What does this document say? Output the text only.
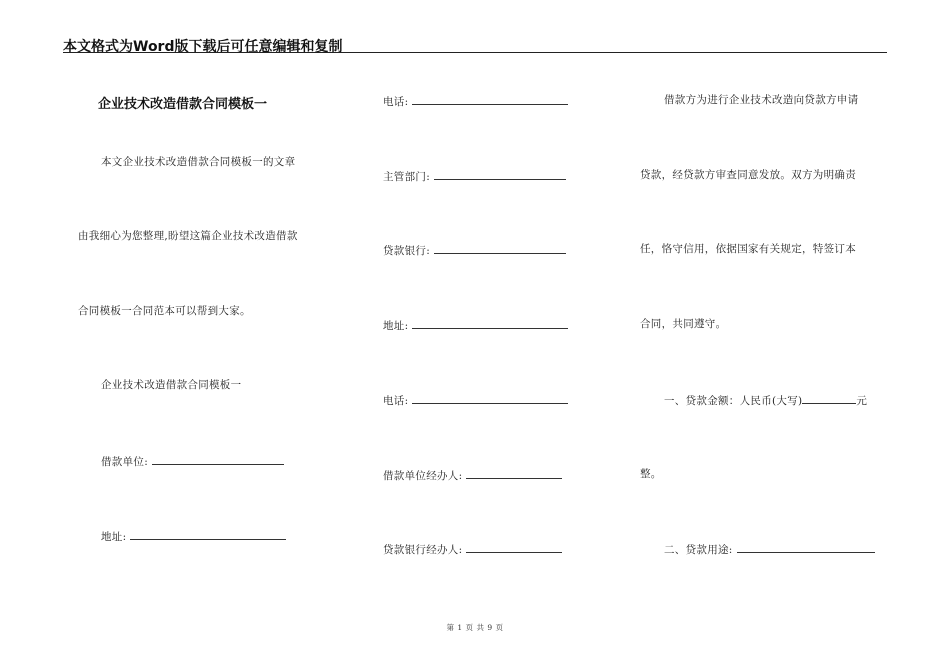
本文格式为Word版下载后可任意编辑和复制
企业技术改造借款合同模板一
本文企业技术改造借款合同模板一的文章
由我细心为您整理,盼望这篇企业技术改造借款
合同模板一合同范本可以帮到大家。
企业技术改造借款合同模板一
借款单位:
地址:
电话:
主管部门:
贷款银行:
地址:
电话:
借款单位经办人:
贷款银行经办人:
借款方为进行企业技术改造向贷款方申请
贷款，经贷款方审查同意发放。双方为明确责
任，恪守信用，依据国家有关规定，特签订本
合同，共同遵守。
一、贷款金额：人民币(大写)	元
整。
二、贷款用途:
第 1 页 共 9 页
